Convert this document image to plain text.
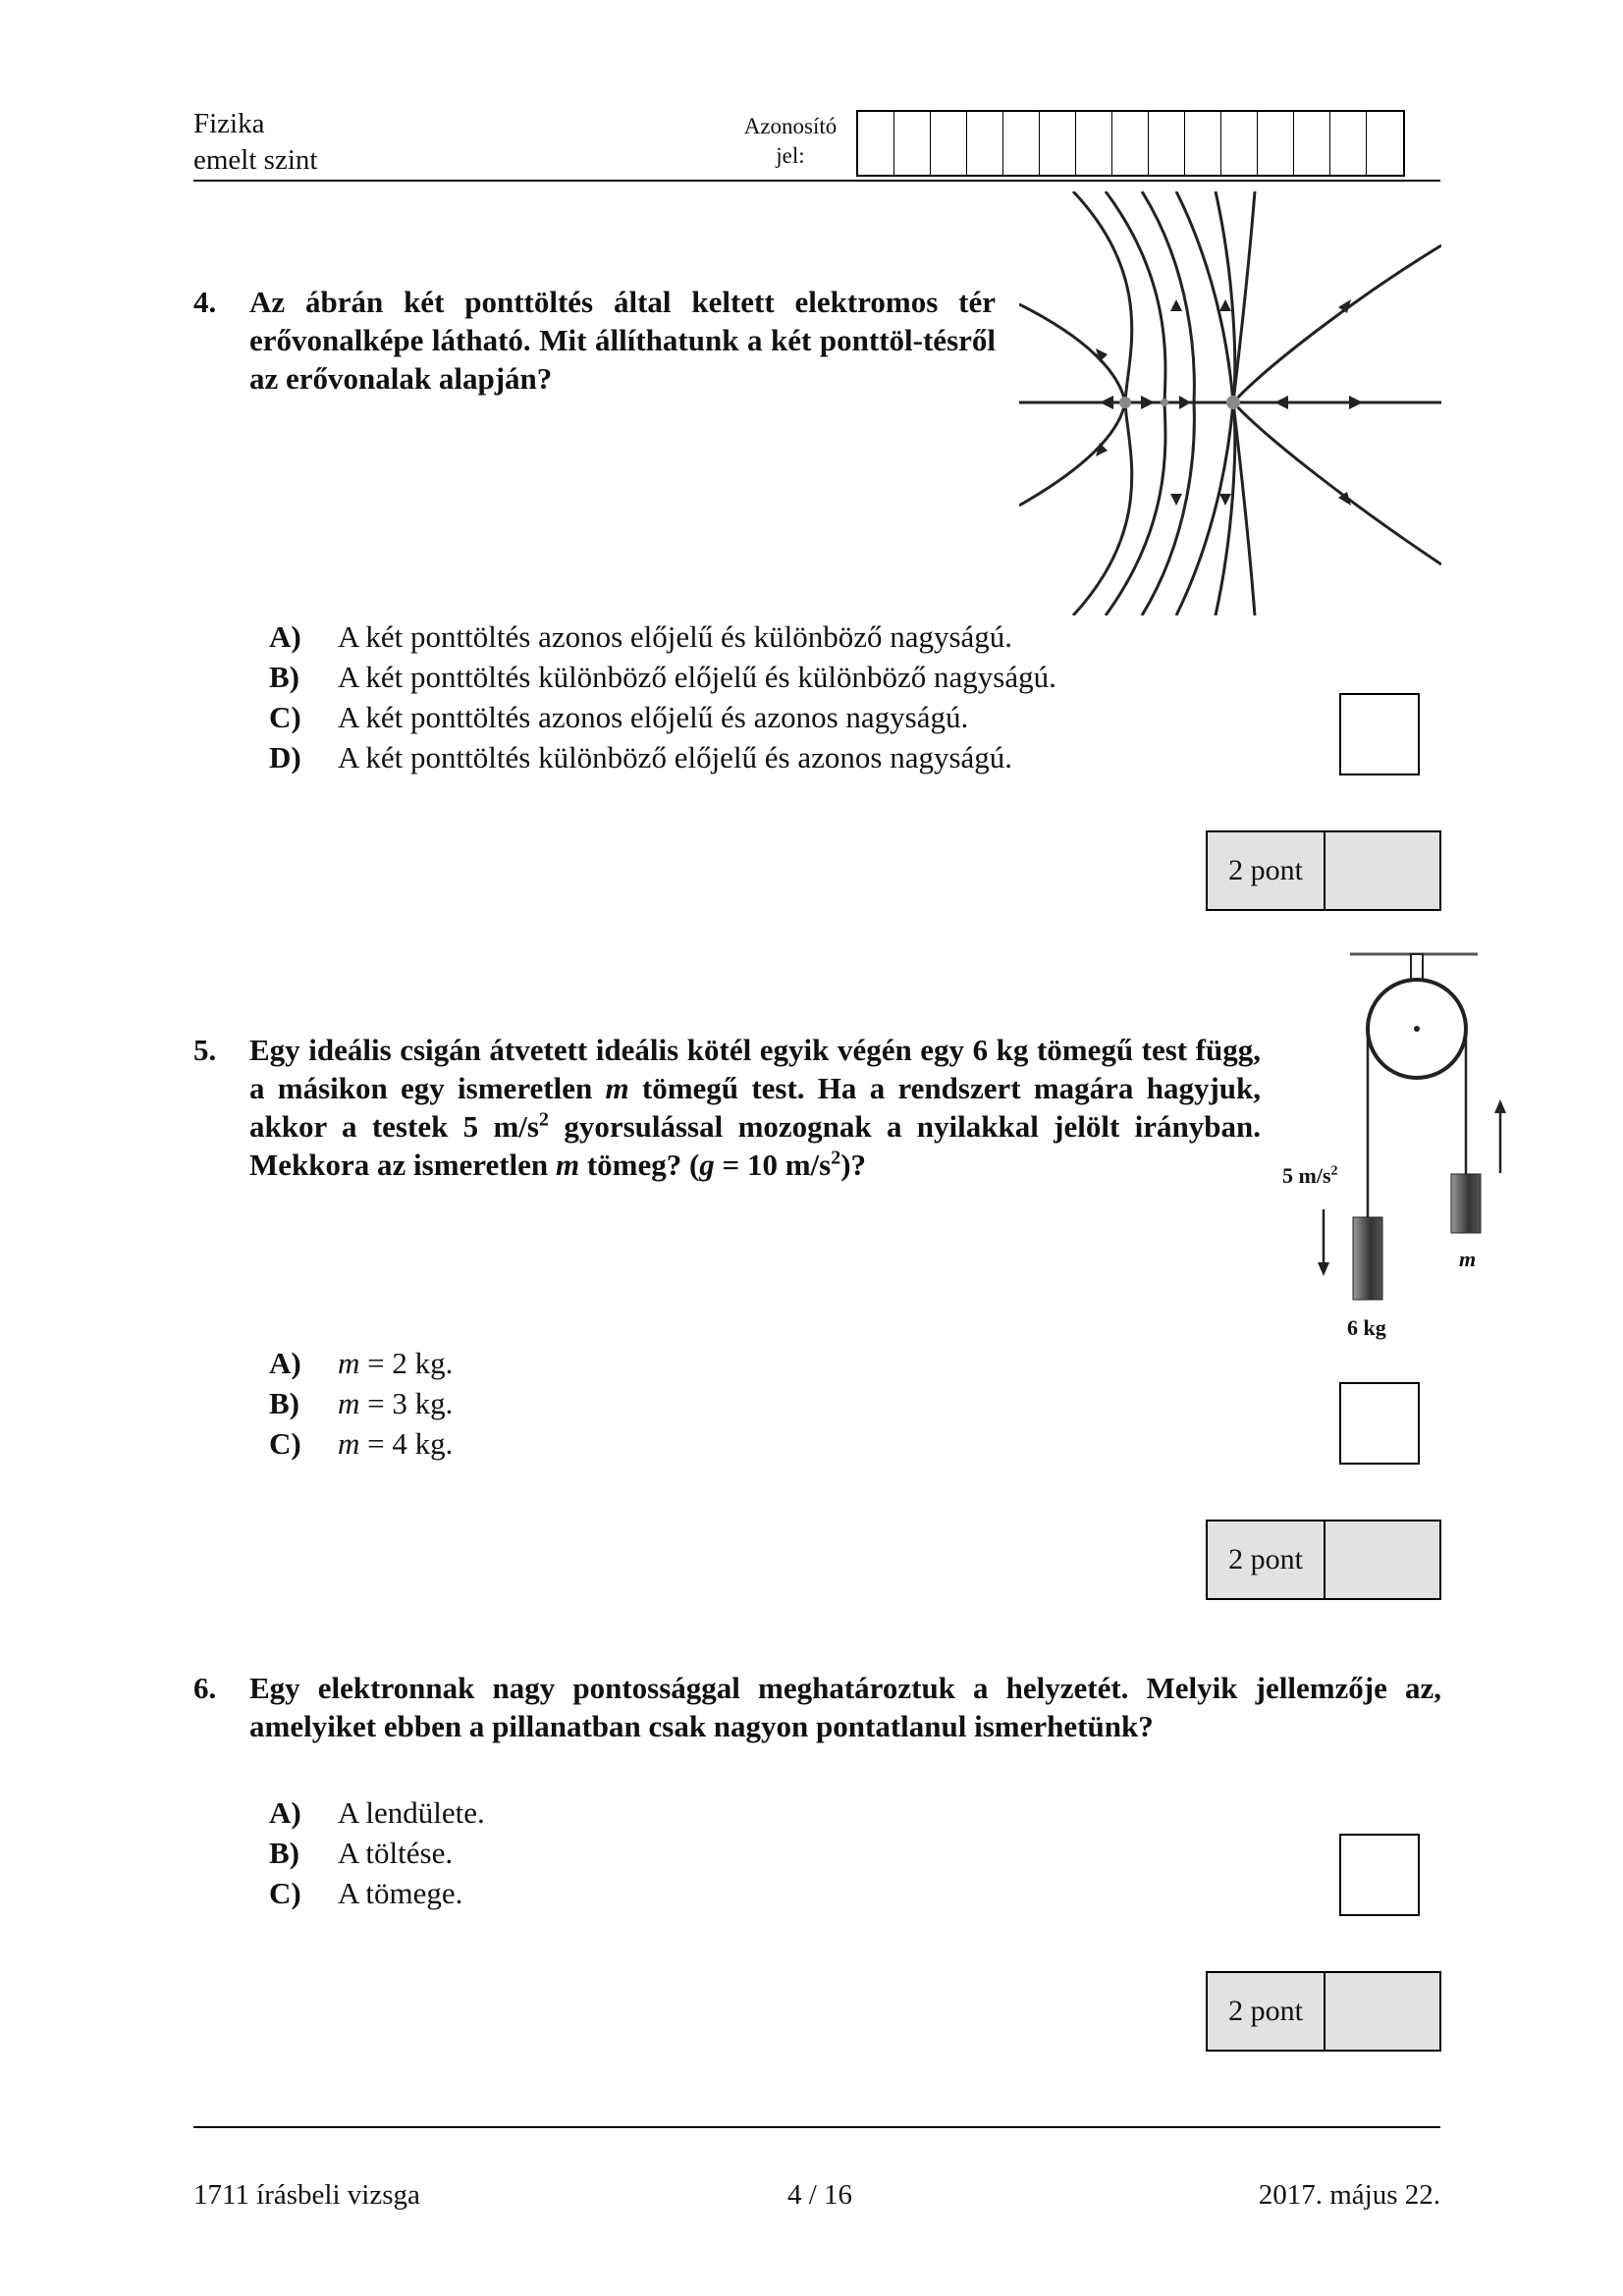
Fizika
emelt szint
Azonosító
jel:
4. Az ábrán két ponttöltés által keltett elektromos tér erővonalképe látható. Mit állíthatunk a két ponttöl-tésről az erővonalak alapján?
A) A két ponttöltés azonos előjelű és különböző nagyságú.
B) A két ponttöltés különböző előjelű és különböző nagyságú.
C) A két ponttöltés azonos előjelű és azonos nagyságú.
D) A két ponttöltés különböző előjelű és azonos nagyságú.
2 pont
5. Egy ideális csigán átvetett ideális kötél egyik végén egy 6 kg tömegű test függ, a másikon egy ismeretlen m tömegű test. Ha a rendszert magára hagyjuk, akkor a testek 5 $m/s^2$ gyorsulással mozognak a nyilakkal jelölt irányban. Mekkora az ismeretlen m tömeg? (g = 10 $m/s^2$)?	5 $m/s^2$
m
6 kg
A) m = 2 kg.
B) m = 3 kg.
C) m = 4 kg.
2 pont
6. Egy elektronnak nagy pontossággal meghatároztuk a helyzetét. Melyik jellemzője az, amelyiket ebben a pillanatban csak nagyon pontatlanul ismerhetünk?
A) A lendülete.
B) A töltése.
C) A tömege.
2 pont
1711 írásbeli vizsga	4 / 16	2017. május 22.
